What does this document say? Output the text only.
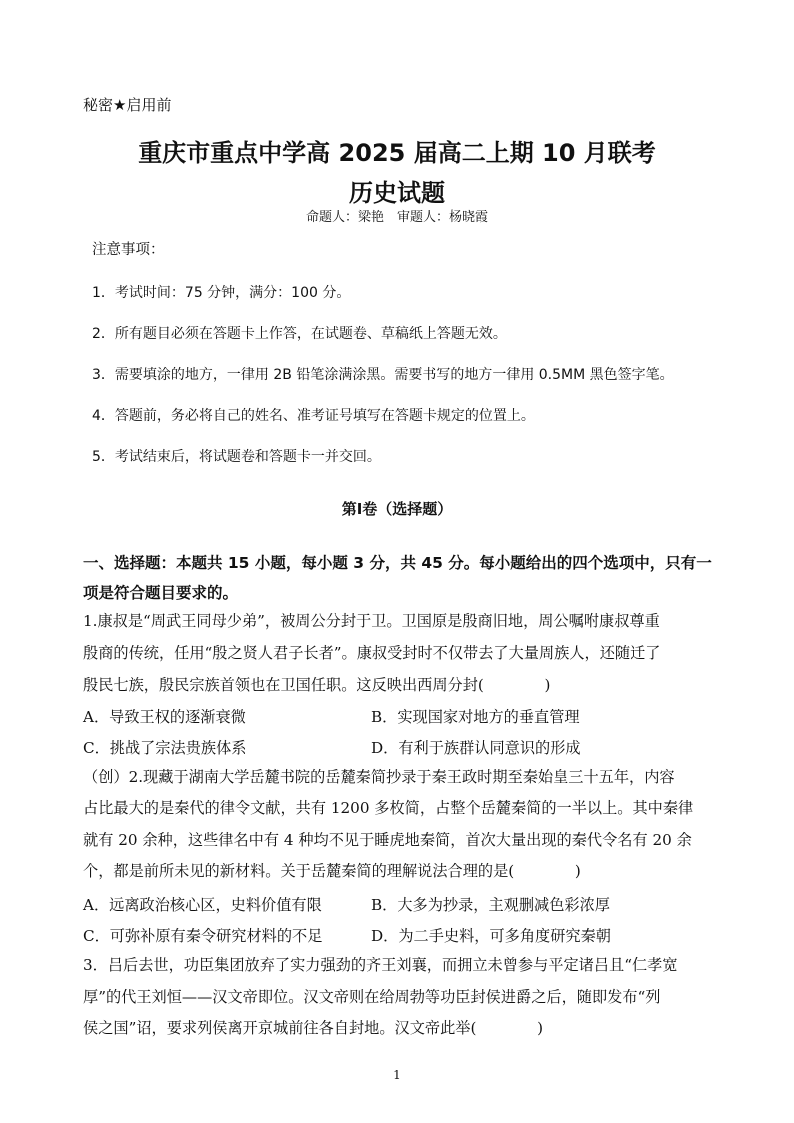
秘密★启用前
重庆市重点中学高 2025 届高二上期 10 月联考
历史试题
命题人：梁艳　审题人：杨晓霞
注意事项：
1．考试时间：75 分钟，满分：100 分。
2．所有题目必须在答题卡上作答，在试题卷、草稿纸上答题无效。
3．需要填涂的地方，一律用 2B 铅笔涂满涂黑。需要书写的地方一律用 0.5MM 黑色签字笔。
4．答题前，务必将自己的姓名、准考证号填写在答题卡规定的位置上。
5．考试结束后，将试题卷和答题卡一并交回。
第Ⅰ卷（选择题）
一、选择题：本题共 15 小题，每小题 3 分，共 45 分。每小题给出的四个选项中，只有一
项是符合题目要求的。
1.康叔是“周武王同母少弟”，被周公分封于卫。卫国原是殷商旧地，周公嘱咐康叔尊重
殷商的传统，任用“殷之贤人君子长者”。康叔受封时不仅带去了大量周族人，还随迁了
殷民七族，殷民宗族首领也在卫国任职。这反映出西周分封(　　　　)
A．导致王权的逐渐衰微	B．实现国家对地方的垂直管理
C．挑战了宗法贵族体系	D．有利于族群认同意识的形成
（创）2.现藏于湖南大学岳麓书院的岳麓秦简抄录于秦王政时期至秦始皇三十五年，内容
占比最大的是秦代的律令文献，共有 1200 多枚简，占整个岳麓秦简的一半以上。其中秦律
就有 20 余种，这些律名中有 4 种均不见于睡虎地秦简，首次大量出现的秦代令名有 20 余
个，都是前所未见的新材料。关于岳麓秦简的理解说法合理的是(　　　　)
A．远离政治核心区，史料价值有限	B．大多为抄录，主观删减色彩浓厚
C．可弥补原有秦令研究材料的不足	D．为二手史料，可多角度研究秦朝
3．吕后去世，功臣集团放弃了实力强劲的齐王刘襄，而拥立未曾参与平定诸吕且“仁孝宽
厚”的代王刘恒——汉文帝即位。汉文帝则在给周勃等功臣封侯进爵之后，随即发布“列
侯之国”诏，要求列侯离开京城前往各自封地。汉文帝此举(　　　　)
1
